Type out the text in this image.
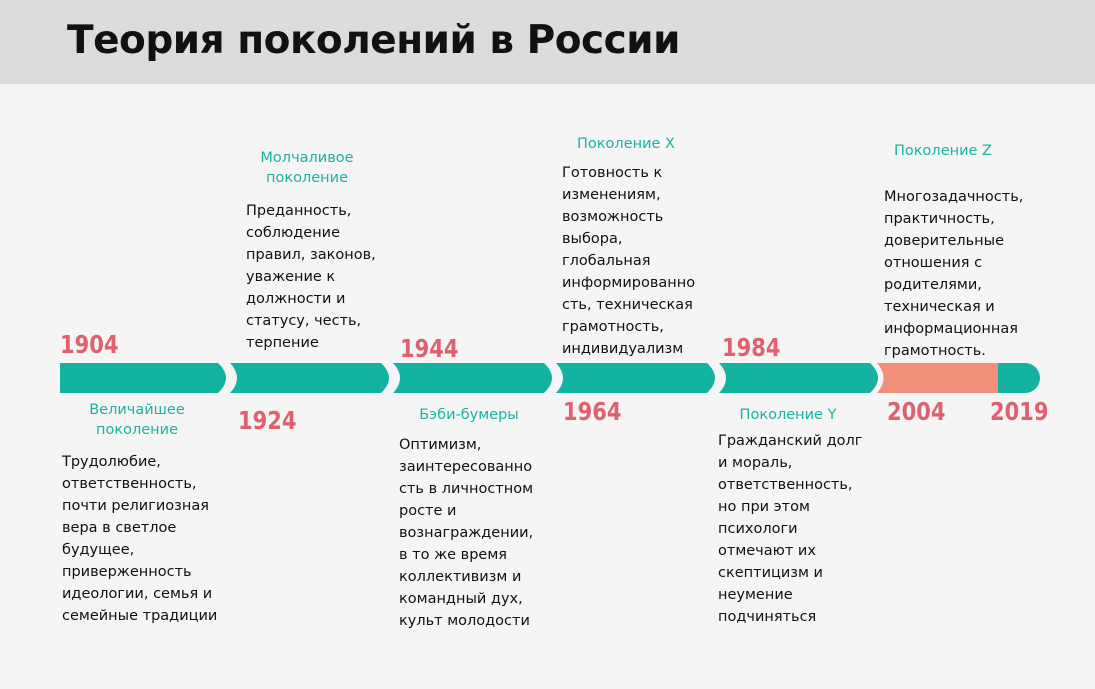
Теория поколений в России
1904
1924
1944
1964
1984
2004 2019
Величайшее
поколение
Молчаливое
поколение
Бэби-бумеры
Поколение X
Поколение Y
Поколение Z
Трудолюбие,
ответственность,
почти религиозная
вера в светлое
будущее,
приверженность
идеологии, семья и
семейные традиции
Преданность,
соблюдение
правил, законов,
уважение к
должности и
статусу, честь,
терпение
Оптимизм,
заинтересованно
сть в личностном
росте и
вознаграждении,
в то же время
коллективизм и
командный дух,
культ молодости
Готовность к
изменениям,
возможность
выбора,
глобальная
информированно
сть, техническая
грамотность,
индивидуализм
Гражданский долг
и мораль,
ответственность,
но при этом
психологи
отмечают их
скептицизм и
неумение
подчиняться
Многозадачность,
практичность,
доверительные
отношения с
родителями,
техническая и
информационная
грамотность.
